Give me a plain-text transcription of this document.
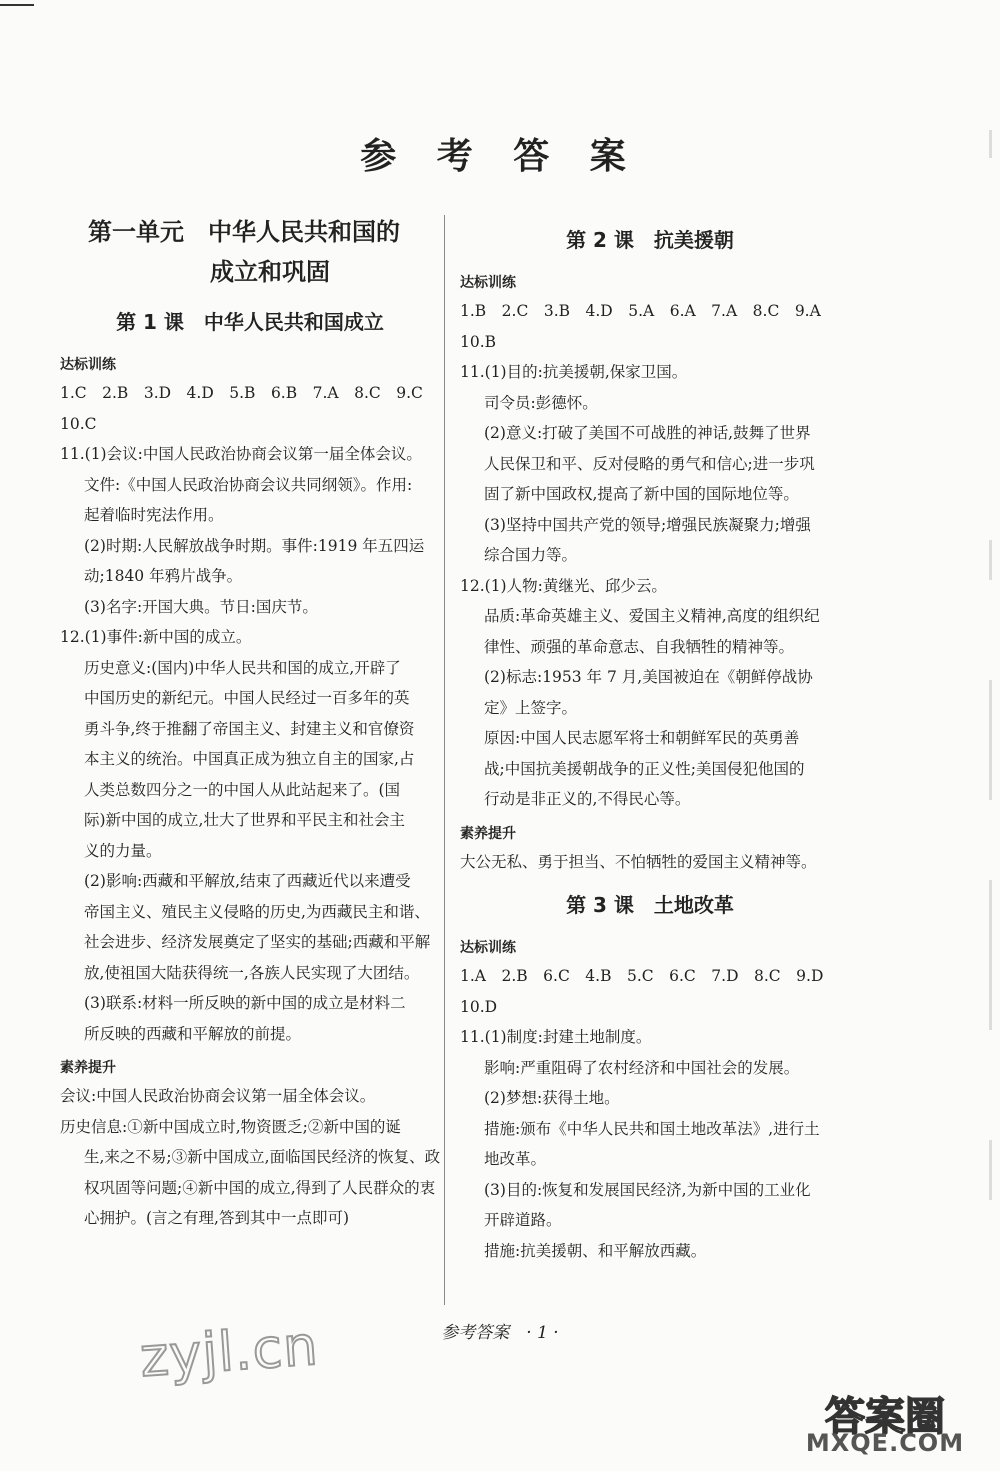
参 考 答 案
第一单元　中华人民共和国的
成立和巩固
第 1 课　中华人民共和国成立
达标训练
1.C　2.B　3.D　4.D　5.B　6.B　7.A　8.C　9.C
10.C
11.(1)会议:中国人民政治协商会议第一届全体会议。
文件:《中国人民政治协商会议共同纲领》。作用:
起着临时宪法作用。
(2)时期:人民解放战争时期。事件:1919 年五四运
动;1840 年鸦片战争。
(3)名字:开国大典。节日:国庆节。
12.(1)事件:新中国的成立。
历史意义:(国内)中华人民共和国的成立,开辟了
中国历史的新纪元。中国人民经过一百多年的英
勇斗争,终于推翻了帝国主义、封建主义和官僚资
本主义的统治。中国真正成为独立自主的国家,占
人类总数四分之一的中国人从此站起来了。(国
际)新中国的成立,壮大了世界和平民主和社会主
义的力量。
(2)影响:西藏和平解放,结束了西藏近代以来遭受
帝国主义、殖民主义侵略的历史,为西藏民主和谐、
社会进步、经济发展奠定了坚实的基础;西藏和平解
放,使祖国大陆获得统一,各族人民实现了大团结。
(3)联系:材料一所反映的新中国的成立是材料二
所反映的西藏和平解放的前提。
素养提升
会议:中国人民政治协商会议第一届全体会议。
历史信息:①新中国成立时,物资匮乏;②新中国的诞
生,来之不易;③新中国成立,面临国民经济的恢复、政
权巩固等问题;④新中国的成立,得到了人民群众的衷
心拥护。(言之有理,答到其中一点即可)
第 2 课　抗美援朝
达标训练
1.B　2.C　3.B　4.D　5.A　6.A　7.A　8.C　9.A
10.B
11.(1)目的:抗美援朝,保家卫国。
司令员:彭德怀。
(2)意义:打破了美国不可战胜的神话,鼓舞了世界
人民保卫和平、反对侵略的勇气和信心;进一步巩
固了新中国政权,提高了新中国的国际地位等。
(3)坚持中国共产党的领导;增强民族凝聚力;增强
综合国力等。
12.(1)人物:黄继光、邱少云。
品质:革命英雄主义、爱国主义精神,高度的组织纪
律性、顽强的革命意志、自我牺牲的精神等。
(2)标志:1953 年 7 月,美国被迫在《朝鲜停战协
定》上签字。
原因:中国人民志愿军将士和朝鲜军民的英勇善
战;中国抗美援朝战争的正义性;美国侵犯他国的
行动是非正义的,不得民心等。
素养提升
大公无私、勇于担当、不怕牺牲的爱国主义精神等。
第 3 课　土地改革
达标训练
1.A　2.B　6.C　4.B　5.C　6.C　7.D　8.C　9.D
10.D
11.(1)制度:封建土地制度。
影响:严重阻碍了农村经济和中国社会的发展。
(2)梦想:获得土地。
措施:颁布《中华人民共和国土地改革法》,进行土
地改革。
(3)目的:恢复和发展国民经济,为新中国的工业化
开辟道路。
措施:抗美援朝、和平解放西藏。
参考答案　· 1 ·
zyjl.cn
答案圈
MXQE.COM
